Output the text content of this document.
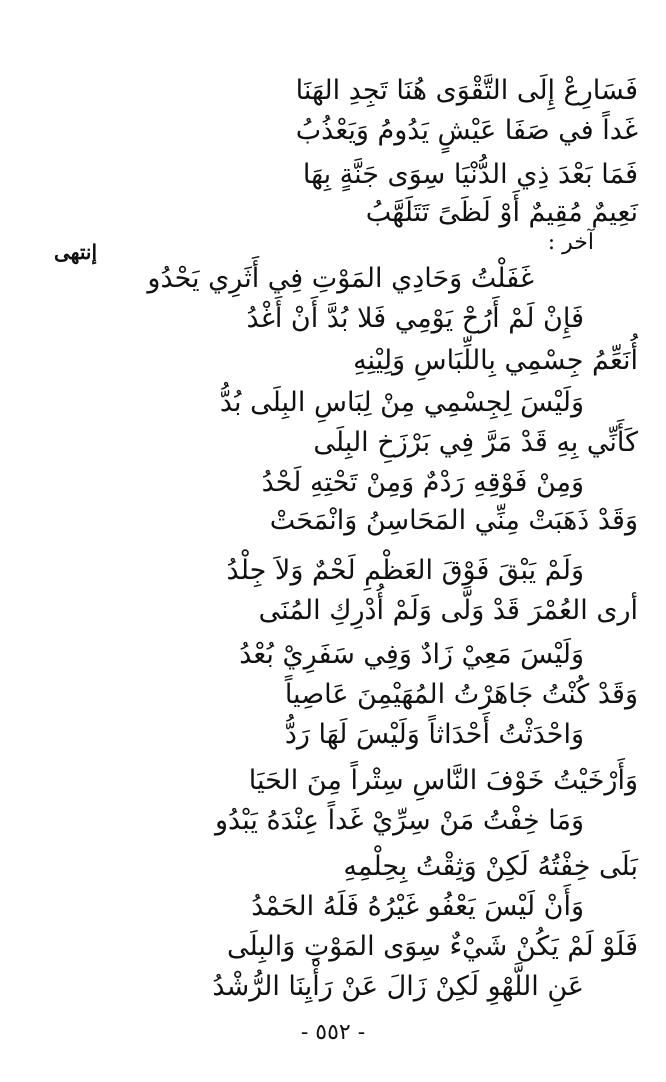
فَسَارِعْ إِلَى التَّقْوَى هُنَا تَجِدِ الهَنَا

غَداً في صَفَا عَيْشٍ يَدُومُ وَيَعْذُبُ

فَمَا بَعْدَ ذِي الدُّنْيَا سِوَى جَنَّةٍ بِهَا

نَعِيمٌ مُقِيمٌ أَوْ لَظَىً تَتَلَهَّبُ

آخر :

إنتهى

غَفَلْتُ وَحَادِي المَوْتِ فِي أَثَرِي يَحْدُو

فَإِنْ لَمْ أَرُحْ يَوْمِي فَلا بُدَّ أَنْ أَغْدُ

أُنَعِّمُ جِسْمِي بِاللِّبَاسِ وَلِيْنِهِ

وَلَيْسَ لِجِسْمِي مِنْ لِبَاسِ البِلَى بُدُّ

كَأَنِّي بِهِ قَدْ مَرَّ فِي بَرْزَخِ البِلَى

وَمِنْ فَوْقِهِ رَدْمٌ وَمِنْ تَحْتِهِ لَحْدُ

وَقَدْ ذَهَبَتْ مِنِّي المَحَاسِنُ وَانْمَحَتْ

وَلَمْ يَبْقَ فَوْقَ العَظْمِ لَحْمٌ وَلاَ جِلْدُ

أرى العُمْرَ قَدْ وَلَّى وَلَمْ أُدْرِكِ المُنَى

وَلَيْسَ مَعِيْ زَادٌ وَفِي سَفَرِيْ بُعْدُ

وَقَدْ كُنْتُ جَاهَرْتُ المُهَيْمِنَ عَاصِياً

وَاحْدَثْتُ أَحْدَاثاً وَلَيْسَ لَهَا رَدُّ

وَأَرْخَيْتُ خَوْفَ النَّاسِ سِتْراً مِنَ الحَيَا

وَمَا خِفْتُ مَنْ سِرِّيْ غَداً عِنْدَهُ يَبْدُو

بَلَى خِفْتُهُ لَكِنْ وَثِقْتُ بِحِلْمِهِ

وَأَنْ لَيْسَ يَعْفُو غَيْرُهُ فَلَهُ الحَمْدُ

فَلَوْ لَمْ يَكُنْ شَيْءٌ سِوَى المَوْتِ وَالبِلَى

عَنِ اللَّهْوِ لَكِنْ زَالَ عَنْ رَأْيِنَا الرُّشْدُ

- ٥٥٢ -
